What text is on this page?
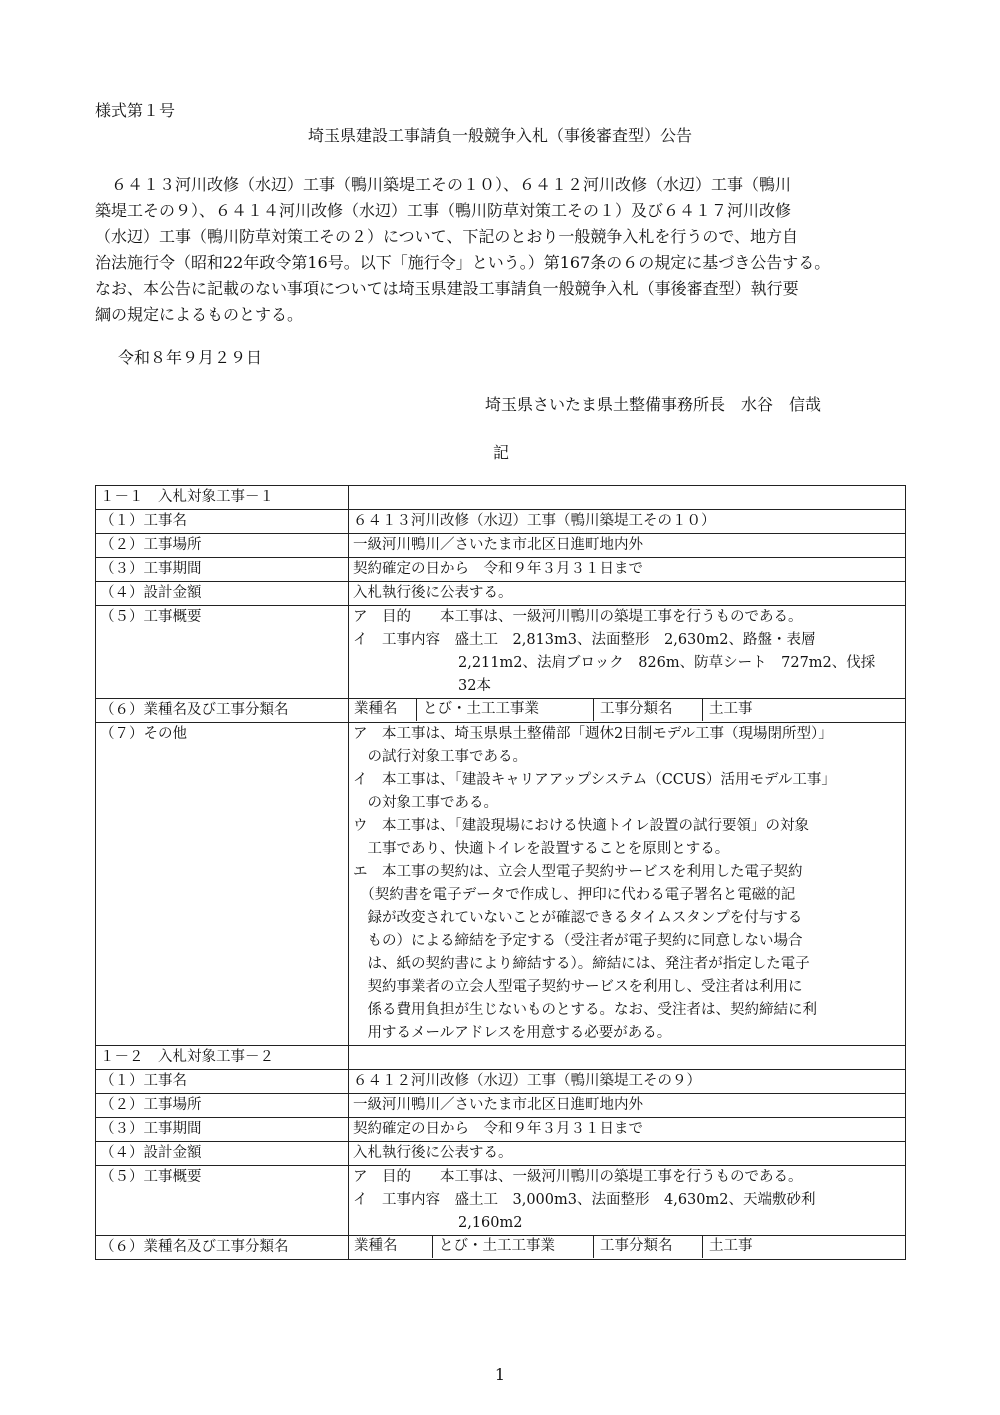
様式第１号
埼玉県建設工事請負一般競争入札（事後審査型）公告
　６４１３河川改修（水辺）工事（鴨川築堤工その１０）、６４１２河川改修（水辺）工事（鴨川
築堤工その９）、６４１４河川改修（水辺）工事（鴨川防草対策工その１）及び６４１７河川改修
（水辺）工事（鴨川防草対策工その２）について、下記のとおり一般競争入札を行うので、地方自
治法施行令（昭和22年政令第16号。以下「施行令」という。）第167条の６の規定に基づき公告する。
なお、本公告に記載のない事項については埼玉県建設工事請負一般競争入札（事後審査型）執行要
綱の規定によるものとする。
令和８年９月２９日
埼玉県さいたま県土整備事務所長　水谷　信哉
記
１－１　入札対象工事－１	
（１）工事名	６４１３河川改修（水辺）工事（鴨川築堤工その１０）
（２）工事場所	一級河川鴨川／さいたま市北区日進町地内外
（３）工事期間	契約確定の日から　令和９年３月３１日まで
（４）設計金額	入札執行後に公表する。
（５）工事概要	ア　目的　　本工事は、一級河川鴨川の築堤工事を行うものである。
イ　工事内容　盛土工　2,813m3、法面整形　2,630m2、路盤・表層
2,211m2、法肩ブロック　826m、防草シート　727m2、伐採
32本

（６）業種名及び工事分類名		業種名	とび・土工工事業	工事分類名	土工事

（７）その他	ア　本工事は、埼玉県県土整備部「週休2日制モデル工事（現場閉所型）」
　の試行対象工事である。
イ　本工事は、「建設キャリアアップシステム（CCUS）活用モデル工事」
　の対象工事である。
ウ　本工事は、「建設現場における快適トイレ設置の試行要領」の対象
　工事であり、快適トイレを設置することを原則とする。
エ　本工事の契約は、立会人型電子契約サービスを利用した電子契約
　（契約書を電子データで作成し、押印に代わる電子署名と電磁的記
　録が改変されていないことが確認できるタイムスタンプを付与する
　もの）による締結を予定する（受注者が電子契約に同意しない場合
　は、紙の契約書により締結する）。締結には、発注者が指定した電子
　契約事業者の立会人型電子契約サービスを利用し、受注者は利用に
　係る費用負担が生じないものとする。なお、受注者は、契約締結に利
　用するメールアドレスを用意する必要がある。

１－２　入札対象工事－２	
（１）工事名	６４１２河川改修（水辺）工事（鴨川築堤工その９）
（２）工事場所	一級河川鴨川／さいたま市北区日進町地内外
（３）工事期間	契約確定の日から　令和９年３月３１日まで
（４）設計金額	入札執行後に公表する。
（５）工事概要	ア　目的　　本工事は、一級河川鴨川の築堤工事を行うものである。
イ　工事内容　盛土工　3,000m3、法面整形　4,630m2、天端敷砂利
2,160m2

（６）業種名及び工事分類名		業種名	とび・土工工事業	工事分類名	土工事
1
